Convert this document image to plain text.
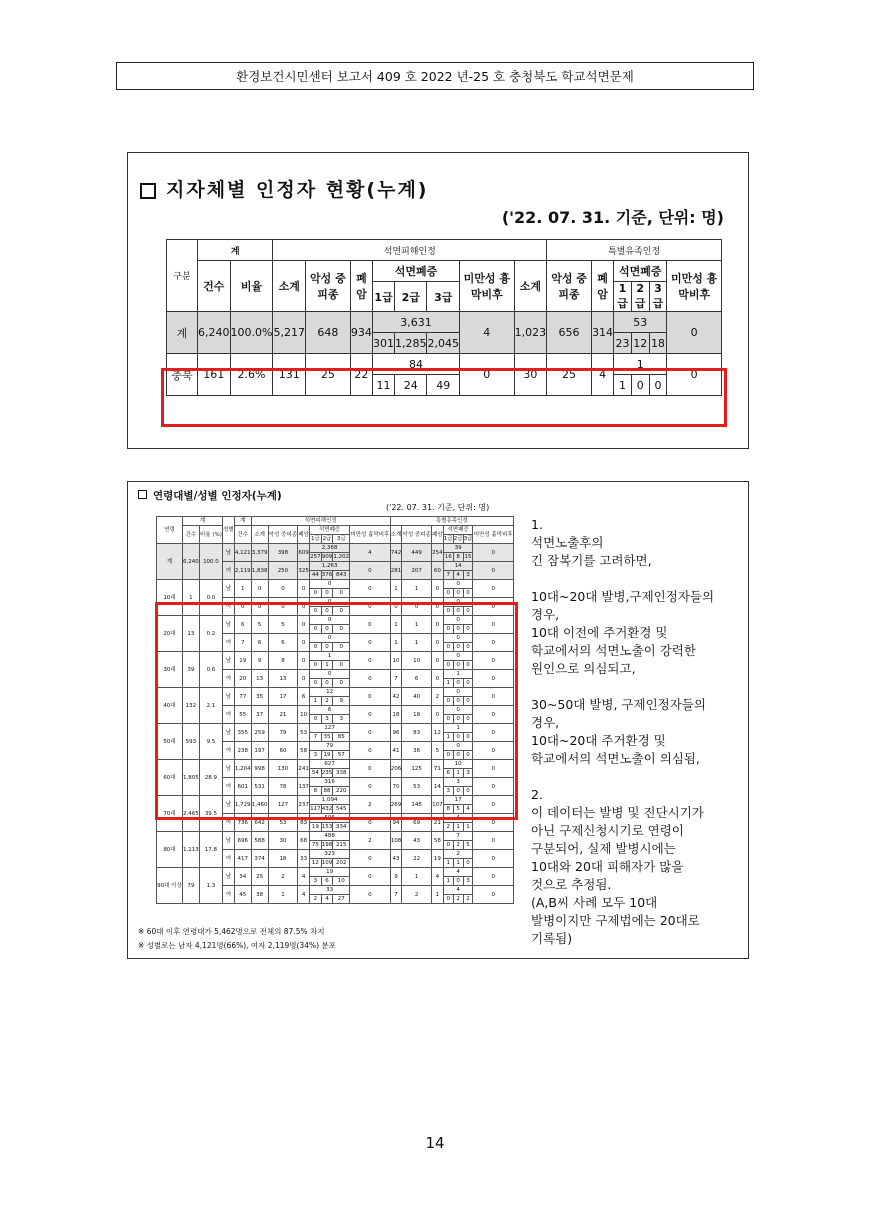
환경보건시민센터 보고서 409 호 2022 년-25 호 충청북도 학교석면문제
지자체별 인정자 현황(누계)
('22. 07. 31. 기준, 단위: 명)
구분	계		석면피해인정								특별유족인정					
	건수	비율	소계	악성 중피종	폐암	석면폐증			미만성 흉막비후	소계	악성 중피종	폐암	석면폐증			미만성 흉막비후
						1급	2급	3급					1급	2급	3급	
계	6,240	100.0%	5,217	648	934	3,631			4	1,023	656	314	53			0
						301	1,285	2,045					23	12	18	
충북	161	2.6%	131	25	22	84			0	30	25	4	1			0
						11	24	49					1	0	0	
연령대별/성별 인정자(누계)
('22. 07. 31. 기준, 단위: 명)
연령	계		성별	계	석면피해인정							특별유족인정						
	건수	비율 (%)		건수	소계	악성 중피종	폐암	석면폐증			미만성 흉막비후	소계	악성 중피종	폐암	석면폐증			미만성 흉막비후
								1급	2급	3급					1급	2급	3급	
계	6,240	100.0	남	4,121	3,379	398	609	2,368			4	742	449	254	39			0
								257	909	1,202					16	8	15	
			여	2,119	1,838	250	325	1,263			0	281	207	60	14			0
								44	376	843					7	4	3	
10대	1	0.0	남	1	0	0	0	0			0	1	1	0	0			0
								0	0	0					0	0	0	
			여	0	0	0	0	0			0	0	0	0	0			0
								0	0	0					0	0	0	
20대	13	0.2	남	6	5	5	0	0			0	1	1	0	0			0
								0	0	0					0	0	0	
			여	7	6	6	0	0			0	1	1	0	0			0
								0	0	0					0	0	0	
30대	39	0.6	남	19	9	8	0	1			0	10	10	0	0			0
								0	1	0					0	0	0	
			여	20	13	13	0	0			0	7	6	0	1			0
								0	0	0					1	0	0	
40대	132	2.1	남	77	35	17	6	12			0	42	40	2	0			0
								1	2	9					0	0	0	
			여	55	37	21	10	6			0	18	18	0	0			0
								0	3	3					0	0	0	
50대	593	9.5	남	355	259	79	53	127			0	96	83	12	1			0
								7	35	85					1	0	0	
			여	238	197	60	58	79			0	41	36	5	0			0
								3	19	57					0	0	0	
60대	1,805	28.9	남	1,204	998	130	241	627			0	206	125	71	10			0
								54	235	338					6	1	3	
			여	601	531	78	137	316			0	70	53	14	3			0
								8	88	220					3	0	0	
70대	2,465	39.5	남	1,729	1,460	127	237	1,094			2	269	145	107	17			0
								117	432	545					8	5	4	
			여	736	642	53	83	506			0	94	69	21	4			0
								19	153	334					2	1	1	
80대	1,113	17.8	남	696	588	30	68	488			2	108	43	58	7			0
								75	198	215					0	2	5	
			여	417	374	18	33	323			0	43	22	19	2			0
								12	109	202					1	1	0	
90대 이상	79	1.3	남	34	25	2	4	19			0	9	1	4	4			0
								3	6	10					1	0	3	
			여	45	38	1	4	33			0	7	2	1	4			0
								2	4	27					0	2	2	

1.

석면노출후의

긴 잠복기를 고려하면,

10대~20대 발병,구제인정자들의

경우,

10대 이전에 주거환경 및

학교에서의 석면노출이 강력한

원인으로 의심되고,

30~50대 발병, 구제인정자들의

경우,

10대~20대 주거환경 및

학교에서의 석면노출이 의심됨,

2.

이 데이터는 발병 및 진단시기가

아닌 구제신청시기로 연령이

구분되어, 실제 발병시에는

10대와 20대 피해자가 많을

것으로 추정됨.

(A,B씨 사례 모두 10대

발병이지만 구제법에는 20대로

기록됨)

※ 60대 이후 연령대가 5,462명으로 전체의 87.5% 차지
※ 성별로는 남자 4,121명(66%), 여자 2,119명(34%) 분포
14
